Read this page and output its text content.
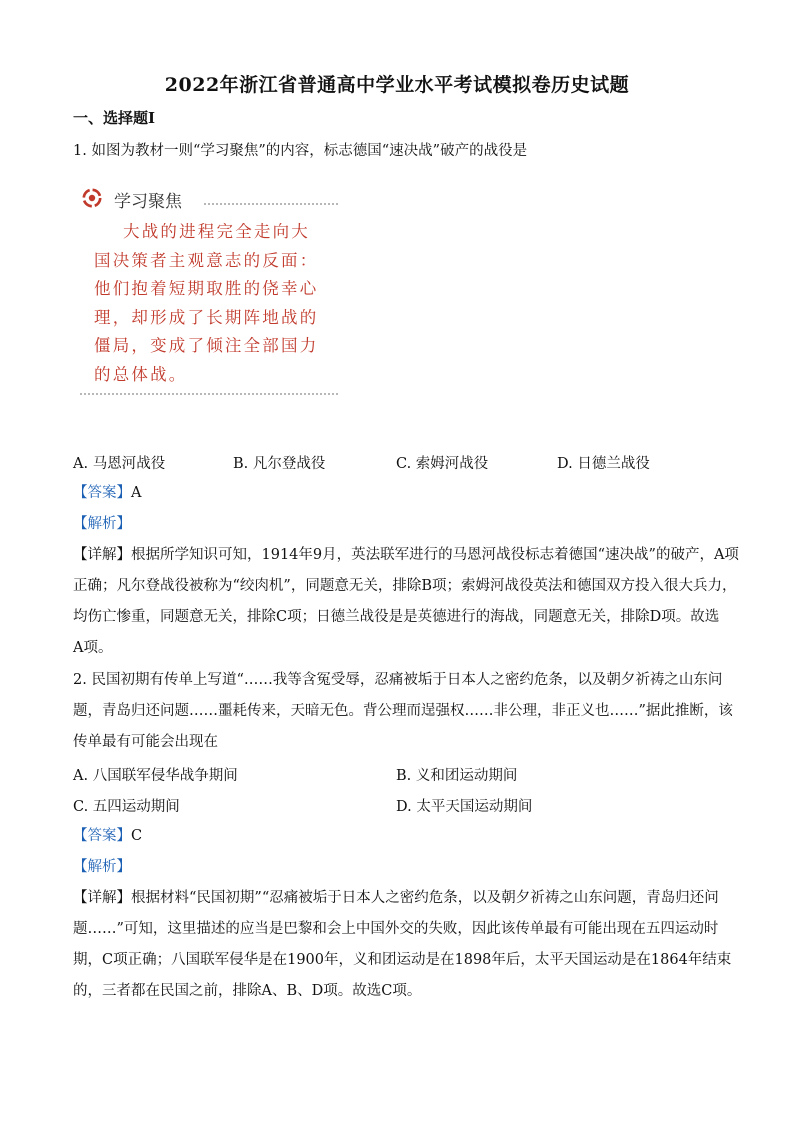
2022年浙江省普通高中学业水平考试模拟卷历史试题
一、选择题Ⅰ
1. 如图为教材一则“学习聚焦”的内容，标志德国“速决战”破产的战役是
学习聚焦
大战的进程完全走向大
国决策者主观意志的反面：
他们抱着短期取胜的侥幸心
理，却形成了长期阵地战的
僵局，变成了倾注全部国力
的总体战。
A. 马恩河战役	B. 凡尔登战役	C. 索姆河战役	D. 日德兰战役
【答案】A
【解析】
【详解】根据所学知识可知，1914年9月，英法联军进行的马恩河战役标志着德国“速决战”的破产，A项
正确；凡尔登战役被称为“绞肉机”，同题意无关，排除B项；索姆河战役英法和德国双方投入很大兵力，
均伤亡惨重，同题意无关，排除C项；日德兰战役是是英德进行的海战，同题意无关，排除D项。故选
A项。
2. 民国初期有传单上写道“……我等含冤受辱，忍痛被垢于日本人之密约危条，以及朝夕祈祷之山东问
题，青岛归还问题……噩耗传来，天暗无色。背公理而逞强权……非公理，非正义也……”据此推断，该
传单最有可能会出现在
A. 八国联军侵华战争期间	B. 义和团运动期间
C. 五四运动期间	D. 太平天国运动期间
【答案】C
【解析】
【详解】根据材料“民国初期”“忍痛被垢于日本人之密约危条，以及朝夕祈祷之山东问题，青岛归还问
题……”可知，这里描述的应当是巴黎和会上中国外交的失败，因此该传单最有可能出现在五四运动时
期，C项正确；八国联军侵华是在1900年，义和团运动是在1898年后，太平天国运动是在1864年结束
的，三者都在民国之前，排除A、B、D项。故选C项。
